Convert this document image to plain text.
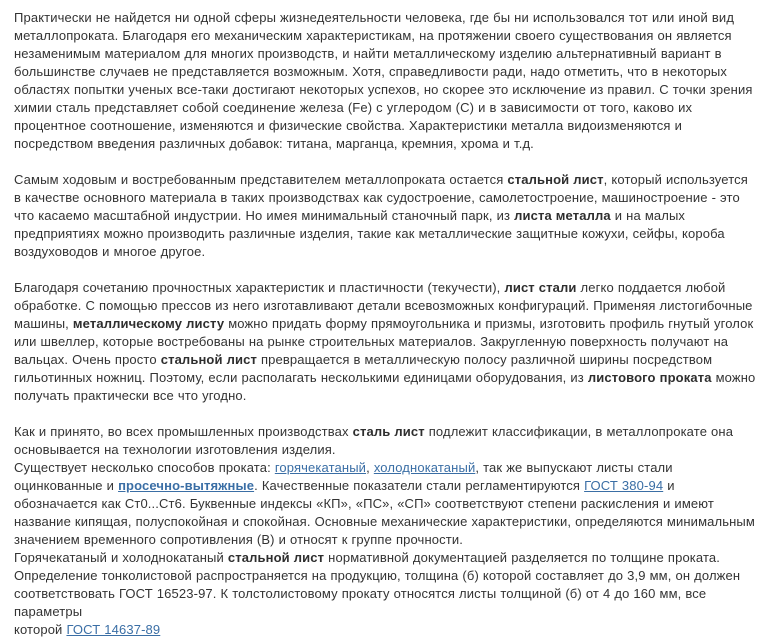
Практически не найдется ни одной сферы жизнедеятельности человека, где бы ни использовался тот или иной вид металлопроката. Благодаря его механическим характеристикам, на протяжении своего существования он является незаменимым материалом для многих производств, и найти металлическому изделию альтернативный вариант в большинстве случаев не представляется возможным. Хотя, справедливости ради, надо отметить, что в некоторых областях попытки ученых все-таки достигают некоторых успехов, но скорее это исключение из правил. С точки зрения химии сталь представляет собой соединение железа (Fe) с углеродом (С) и в зависимости от того, каково их процентное соотношение, изменяются и физические свойства. Характеристики металла видоизменяются и посредством введения различных добавок: титана, марганца, кремния, хрома и т.д.

Самым ходовым и востребованным представителем металлопроката остается стальной лист, который используется в качестве основного материала в таких производствах как судостроение, самолетостроение, машиностроение - это что касаемо масштабной индустрии. Но имея минимальный станочный парк, из листа металла и на малых предприятиях можно производить различные изделия, такие как металлические защитные кожухи, сейфы, короба воздуховодов и многое другое.

Благодаря сочетанию прочностных характеристик и пластичности (текучести), лист стали легко поддается любой обработке. С помощью прессов из него изготавливают детали всевозможных конфигураций. Применяя листогибочные машины, металлическому листу можно придать форму прямоугольника и призмы, изготовить профиль гнутый уголок или швеллер, которые востребованы на рынке строительных материалов. Закругленную поверхность получают на вальцах. Очень просто стальной лист превращается в металлическую полосу различной ширины посредством гильотинных ножниц. Поэтому, если располагать несколькими единицами оборудования, из листового проката можно получать практически все что угодно.

Как и принято, во всех промышленных производствах сталь лист подлежит классификации, в металлопрокате она основывается на технологии изготовления изделия.

Существует несколько способов проката: горячекатаный, холоднокатаный, так же выпускают листы стали оцинкованные и просечно-вытяжные. Качественные показатели стали регламентируются ГОСТ 380-94 и обозначается как Ст0...Ст6. Буквенные индексы «КП», «ПС», «СП» соответствуют степени раскисления и имеют название кипящая, полуспокойная и спокойная. Основные механические характеристики, определяются минимальным значением временного сопротивления (В) и относят к группе прочности.

Горячекатаный и холоднокатаный стальной лист нормативной документацией разделяется по толщине проката. Определение тонколистовой распространяется на продукцию, толщина (б) которой составляет до 3,9 мм, он должен соответствовать ГОСТ 16523-97. К толстолистовому прокату относятся листы толщиной (б) от 4 до 160 мм, все параметры
которой ГОСТ 14637-89
